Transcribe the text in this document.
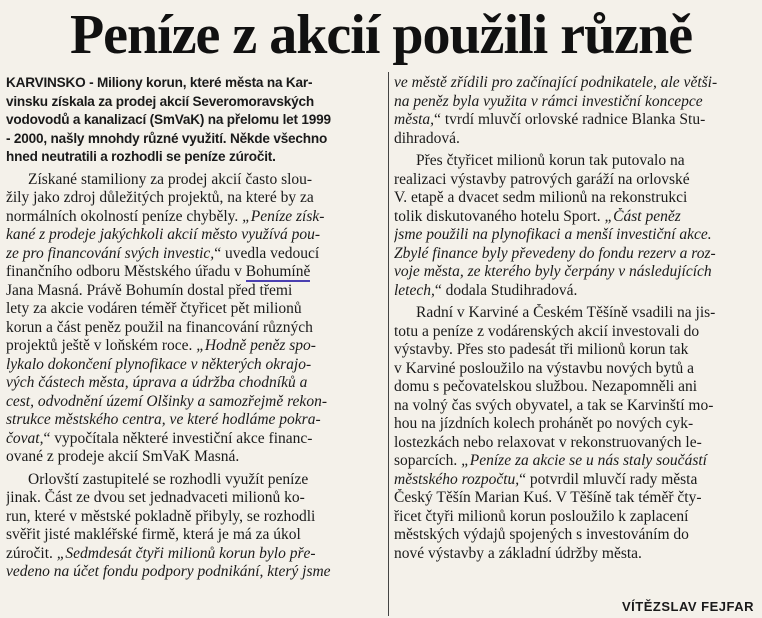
Peníze z akcií použili různě
KARVINSKO - Miliony korun, které města na Kar-
vinsku získala za prodej akcií Severomoravských
vodovodů a kanalizací (SmVaK) na přelomu let 1999
- 2000, našly mnohdy různé využití. Někde všechno
hned neutratili a rozhodli se peníze zúročit.
Získané stamiliony za prodej akcií často slou-
žily jako zdroj důležitých projektů, na které by za
normálních okolností peníze chyběly. „Peníze získ-
kané z prodeje jakýchkoli akcií město využívá pou-
ze pro financování svých investic,“ uvedla vedoucí
finančního odboru Městského úřadu v Bohumíně
Jana Masná. Právě Bohumín dostal před třemi
lety za akcie vodáren téměř čtyřicet pět milionů
korun a část peněz použil na financování různých
projektů ještě v loňském roce. „Hodně peněz spo-
lykalo dokončení plynofikace v některých okrajo-
vých částech města, úprava a údržba chodníků a
cest, odvodnění území Olšinky a samozřejmě rekon-
strukce městského centra, ve které hodláme pokra-
čovat,“ vypočítala některé investiční akce financ-
ované z prodeje akcií SmVaK Masná.
Orlovští zastupitelé se rozhodli využít peníze
jinak. Část ze dvou set jednadvaceti milionů ko-
run, které v městské pokladně přibyly, se rozhodli
svěřit jisté makléřské firmě, která je má za úkol
zúročit. „Sedmdesát čtyři milionů korun bylo pře-
vedeno na účet fondu podpory podnikání, který jsme
ve městě zřídili pro začínající podnikatele, ale větši-
na peněz byla využita v rámci investiční koncepce
města,“ tvrdí mluvčí orlovské radnice Blanka Stu-
dihradová.
Přes čtyřicet milionů korun tak putovalo na
realizaci výstavby patrových garáží na orlovské
V. etapě a dvacet sedm milionů na rekonstrukci
tolik diskutovaného hotelu Sport. „Část peněz
jsme použili na plynofikaci a menší investiční akce.
Zbylé finance byly převedeny do fondu rezerv a roz-
voje města, ze kterého byly čerpány v následujících
letech,“ dodala Studihradová.
Radní v Karviné a Českém Těšíně vsadili na jis-
totu a peníze z vodárenských akcií investovali do
výstavby. Přes sto padesát tři milionů korun tak
v Karviné posloužilo na výstavbu nových bytů a
domu s pečovatelskou službou. Nezapomněli ani
na volný čas svých obyvatel, a tak se Karvinští mo-
hou na jízdních kolech prohánět po nových cyk-
lostezkách nebo relaxovat v rekonstruovaných le-
soparcích. „Peníze za akcie se u nás staly součástí
městského rozpočtu,“ potvrdil mluvčí rady města
Český Těšín Marian Kuś. V Těšíně tak téměř čty-
řicet čtyři milionů korun posloužilo k zaplacení
městských výdajů spojených s investováním do
nové výstavby a základní údržby města.
VÍTĚZSLAV FEJFAR
